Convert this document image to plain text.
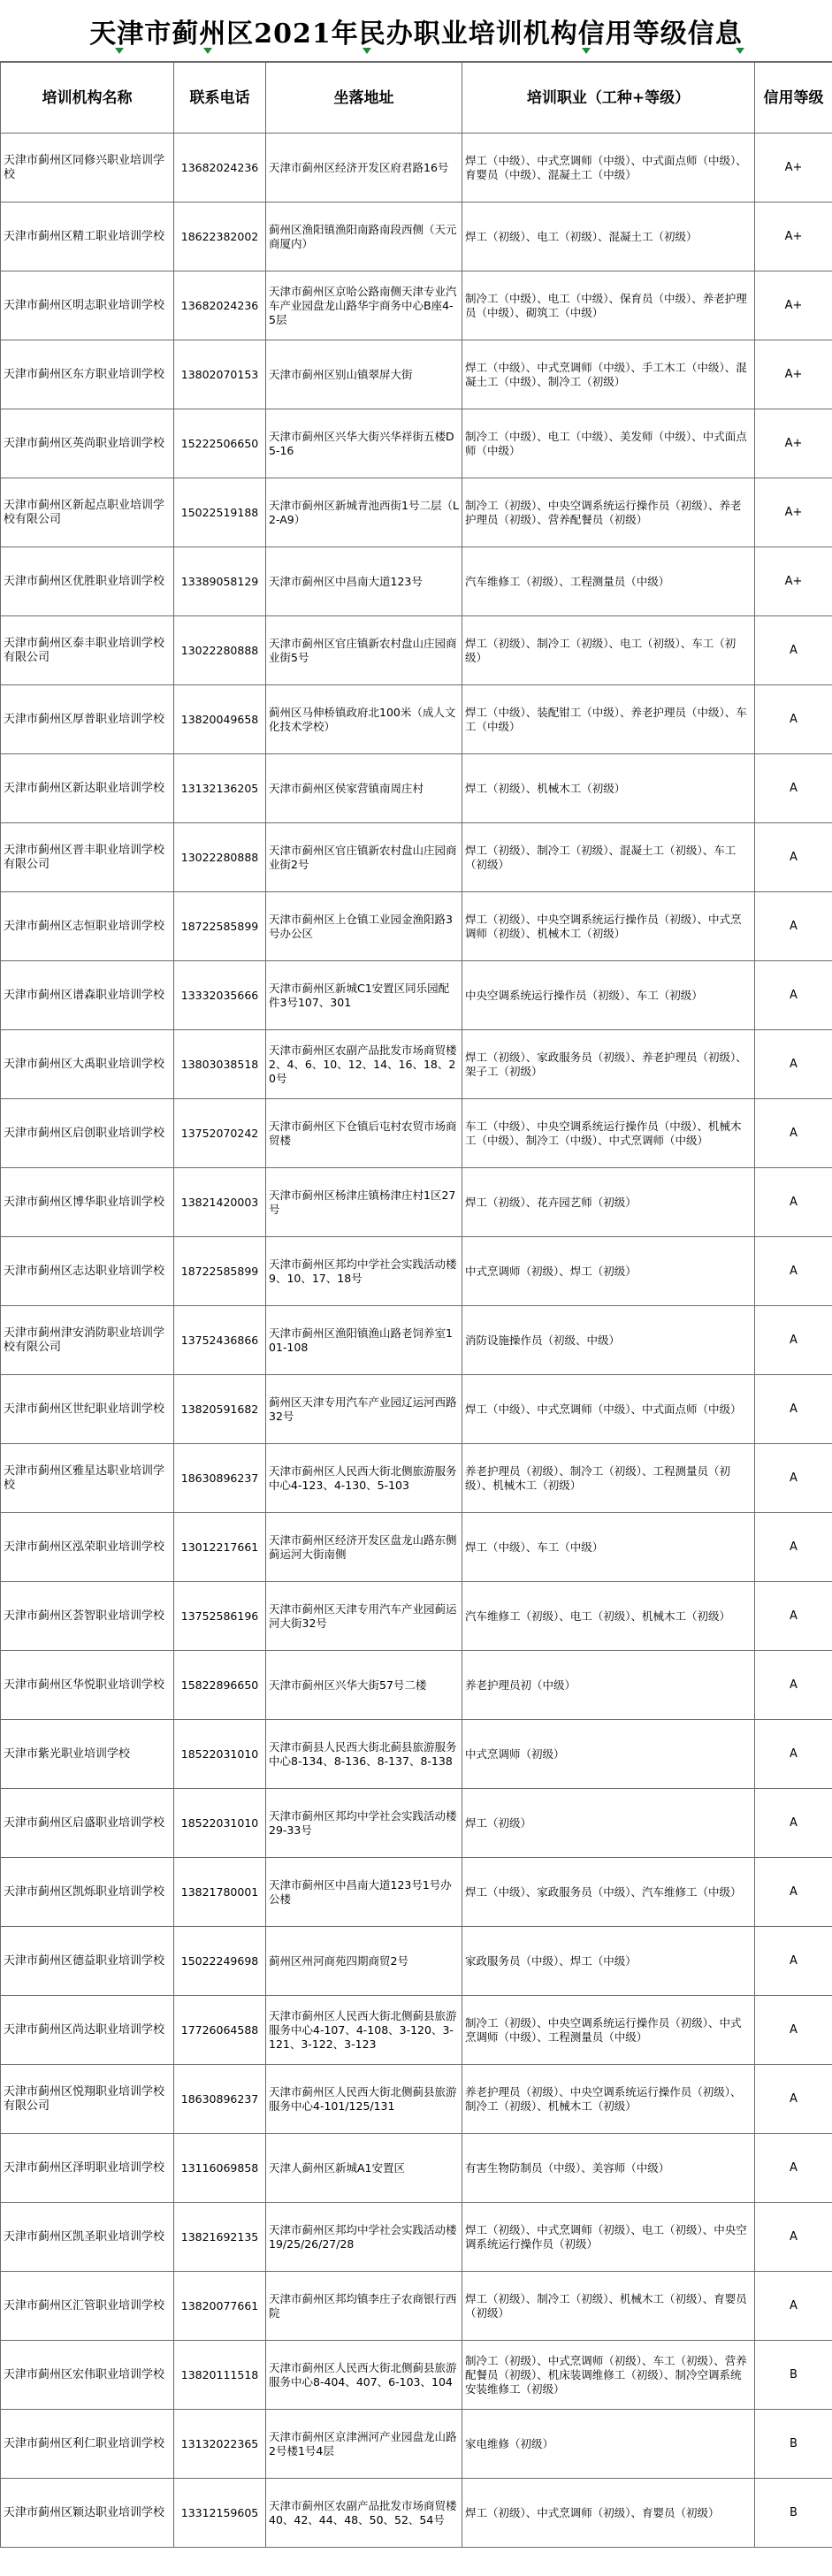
天津市蓟州区2021年民办职业培训机构信用等级信息
培训机构名称	联系电话	坐落地址	培训职业（工种+等级）	信用等级
天津市蓟州区同修兴职业培训学校	13682024236	天津市蓟州区经济开发区府君路16号	焊工（中级）、中式烹调师（中级）、中式面点师（中级）、育婴员（中级）、混凝土工（中级）	A+
天津市蓟州区精工职业培训学校	18622382002	蓟州区渔阳镇渔阳南路南段西侧（天元商厦内）	焊工（初级）、电工（初级）、混凝土工（初级）	A+
天津市蓟州区明志职业培训学校	13682024236	天津市蓟州区京哈公路南侧天津专业汽车产业园盘龙山路华宇商务中心B座4-5层	制冷工（中级）、电工（中级）、保育员（中级）、养老护理员（中级）、砌筑工（中级）	A+
天津市蓟州区东方职业培训学校	13802070153	天津市蓟州区别山镇翠屏大街	焊工（中级）、中式烹调师（中级）、手工木工（中级）、混凝土工（中级）、制冷工（初级）	A+
天津市蓟州区英尚职业培训学校	15222506650	天津市蓟州区兴华大街兴华祥街五楼D5-16	制冷工（中级）、电工（中级）、美发师（中级）、中式面点师（中级）	A+
天津市蓟州区新起点职业培训学校有限公司	15022519188	天津市蓟州区新城青池西街1号二层（L2-A9）	制冷工（初级）、中央空调系统运行操作员（初级）、养老护理员（初级）、营养配餐员（初级）	A+
天津市蓟州区优胜职业培训学校	13389058129	天津市蓟州区中昌南大道123号	汽车维修工（初级）、工程测量员（中级）	A+
天津市蓟州区泰丰职业培训学校有限公司	13022280888	天津市蓟州区官庄镇新农村盘山庄园商业街5号	焊工（初级）、制冷工（初级）、电工（初级）、车工（初级）	A
天津市蓟州区厚普职业培训学校	13820049658	蓟州区马伸桥镇政府北100米（成人文化技术学校）	焊工（中级）、装配钳工（中级）、养老护理员（中级）、车工（中级）	A
天津市蓟州区新达职业培训学校	13132136205	天津市蓟州区侯家营镇南周庄村	焊工（初级）、机械木工（初级）	A
天津市蓟州区晋丰职业培训学校有限公司	13022280888	天津市蓟州区官庄镇新农村盘山庄园商业街2号	焊工（初级）、制冷工（初级）、混凝土工（初级）、车工（初级）	A
天津市蓟州区志恒职业培训学校	18722585899	天津市蓟州区上仓镇工业园金渔阳路3号办公区	焊工（初级）、中央空调系统运行操作员（初级）、中式烹调师（初级）、机械木工（初级）	A
天津市蓟州区谱森职业培训学校	13332035666	天津市蓟州区新城C1安置区同乐园配件3号107、301	中央空调系统运行操作员（初级）、车工（初级）	A
天津市蓟州区大禹职业培训学校	13803038518	天津市蓟州区农副产品批发市场商贸楼2、4、6、10、12、14、16、18、20号	焊工（初级）、家政服务员（初级）、养老护理员（初级）、架子工（初级）	A
天津市蓟州区启创职业培训学校	13752070242	天津市蓟州区下仓镇后屯村农贸市场商贸楼	车工（中级）、中央空调系统运行操作员（中级）、机械木工（中级）、制冷工（中级）、中式烹调师（中级）	A
天津市蓟州区博华职业培训学校	13821420003	天津市蓟州区杨津庄镇杨津庄村1区27号	焊工（初级）、花卉园艺师（初级）	A
天津市蓟州区志达职业培训学校	18722585899	天津市蓟州区邦均中学社会实践活动楼9、10、17、18号	中式烹调师（初级）、焊工（初级）	A
天津市蓟州津安消防职业培训学校有限公司	13752436866	天津市蓟州区渔阳镇渔山路老饲养室101-108	消防设施操作员（初级、中级）	A
天津市蓟州区世纪职业培训学校	13820591682	蓟州区天津专用汽车产业园辽运河西路32号	焊工（中级）、中式烹调师（中级）、中式面点师（中级）	A
天津市蓟州区雅星达职业培训学校	18630896237	天津市蓟州区人民西大街北侧旅游服务中心4-123、4-130、5-103	养老护理员（初级）、制冷工（初级）、工程测量员（初级）、机械木工（初级）	A
天津市蓟州区泓荣职业培训学校	13012217661	天津市蓟州区经济开发区盘龙山路东侧蓟运河大街南侧	焊工（中级）、车工（中级）	A
天津市蓟州区荟智职业培训学校	13752586196	天津市蓟州区天津专用汽车产业园蓟运河大街32号	汽车维修工（初级）、电工（初级）、机械木工（初级）	A
天津市蓟州区华悦职业培训学校	15822896650	天津市蓟州区兴华大街57号二楼	养老护理员初（中级）	A
天津市紫光职业培训学校	18522031010	天津市蓟县人民西大街北蓟县旅游服务中心8-134、8-136、8-137、8-138	中式烹调师（初级）	A
天津市蓟州区启盛职业培训学校	18522031010	天津市蓟州区邦均中学社会实践活动楼29-33号	焊工（初级）	A
天津市蓟州区凯烁职业培训学校	13821780001	天津市蓟州区中昌南大道123号1号办公楼	焊工（中级）、家政服务员（中级）、汽车维修工（中级）	A
天津市蓟州区德益职业培训学校	15022249698	蓟州区州河商苑四期商贸2号	家政服务员（中级）、焊工（中级）	A
天津市蓟州区尚达职业培训学校	17726064588	天津市蓟州区人民西大街北侧蓟县旅游服务中心4-107、4-108、3-120、3-121、3-122、3-123	制冷工（初级）、中央空调系统运行操作员（初级）、中式烹调师（中级）、工程测量员（中级）	A
天津市蓟州区悦翔职业培训学校有限公司	18630896237	天津市蓟州区人民西大街北侧蓟县旅游服务中心4-101/125/131	养老护理员（初级）、中央空调系统运行操作员（初级）、制冷工（初级）、机械木工（初级）	A
天津市蓟州区泽明职业培训学校	13116069858	天津人蓟州区新城A1安置区	有害生物防制员（中级）、美容师（中级）	A
天津市蓟州区凯圣职业培训学校	13821692135	天津市蓟州区邦均中学社会实践活动楼19/25/26/27/28	焊工（初级）、中式烹调师（初级）、电工（初级）、中央空调系统运行操作员（初级）	A
天津市蓟州区汇管职业培训学校	13820077661	天津市蓟州区邦均镇李庄子农商银行西院	焊工（初级）、制冷工（初级）、机械木工（初级）、育婴员（初级）	A
天津市蓟州区宏伟职业培训学校	13820111518	天津市蓟州区人民西大街北侧蓟县旅游服务中心8-404、407、6-103、104	制冷工（初级）、中式烹调师（初级）、车工（初级）、营养配餐员（初级）、机床装调维修工（初级）、制冷空调系统安装维修工（初级）	B
天津市蓟州区利仁职业培训学校	13132022365	天津市蓟州区京津洲河产业园盘龙山路2号楼1号4层	家电维修（初级）	B
天津市蓟州区颖达职业培训学校	13312159605	天津市蓟州区农副产品批发市场商贸楼40、42、44、48、50、52、54号	焊工（初级）、中式烹调师（初级）、育婴员（初级）	B
